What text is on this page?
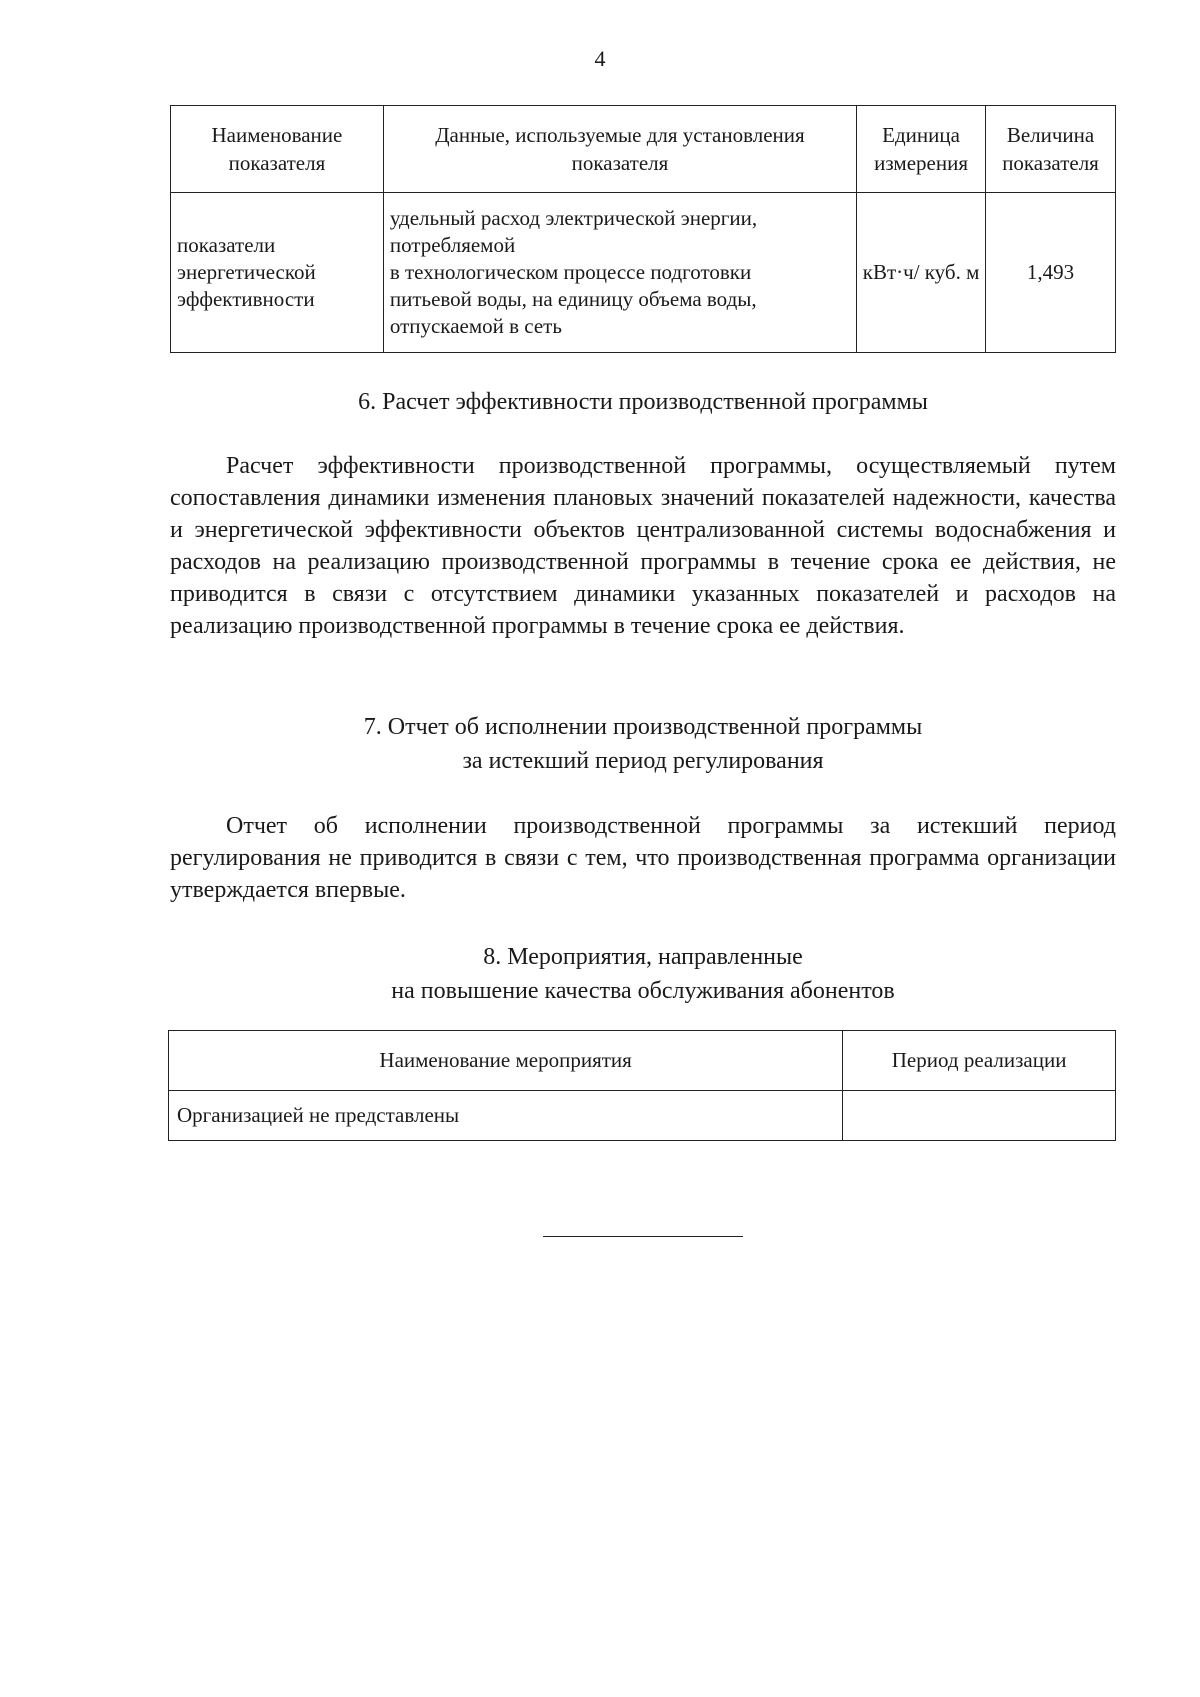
4
Наименование показателя	Данные, используемые для установления показателя	Единица измерения	Величина показателя
показатели энергетической эффективности	удельный расход электрической энергии,
потребляемой
в технологическом процессе подготовки
питьевой воды, на единицу объема воды,
отпускаемой в сеть	кВт·ч/ куб. м	1,493
6. Расчет эффективности производственной программы

Расчет эффективности производственной программы, осуществляемый путем сопоставления динамики изменения плановых значений показателей надежности, качества и энергетической эффективности объектов централизованной системы водоснабжения и расходов на реализацию производственной программы в течение срока ее действия, не приводится в связи с отсутствием динамики указанных показателей и расходов на реализацию производственной программы в течение срока ее действия.

7. Отчет об исполнении производственной программы
за истекший период регулирования

Отчет об исполнении производственной программы за истекший период регулирования не приводится в связи с тем, что производственная программа организации утверждается впервые.

8. Мероприятия, направленные
на повышение качества обслуживания абонентов
Наименование мероприятия	Период реализации
Организацией не представлены	
